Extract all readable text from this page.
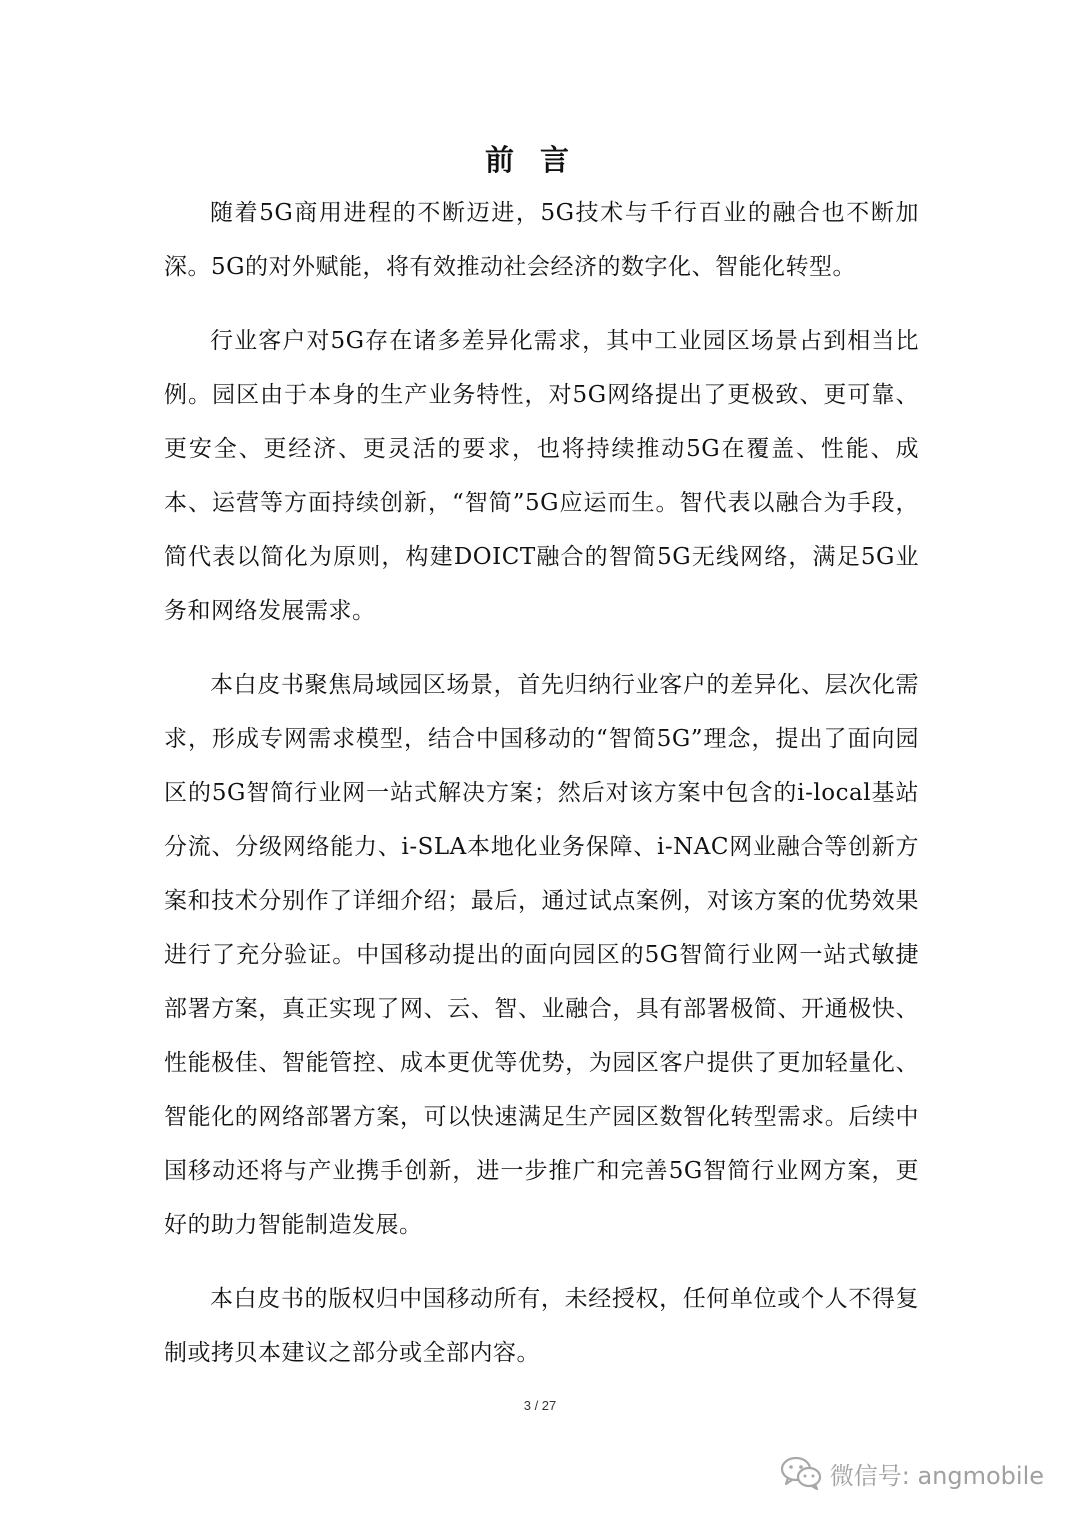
前言

随着5G商用进程的不断迈进，5G技术与千行百业的融合也不断加深。5G的对外赋能，将有效推动社会经济的数字化、智能化转型。

行业客户对5G存在诸多差异化需求，其中工业园区场景占到相当比例。园区由于本身的生产业务特性，对5G网络提出了更极致、更可靠、更安全、更经济、更灵活的要求，也将持续推动5G在覆盖、性能、成本、运营等方面持续创新，“智简”5G应运而生。智代表以融合为手段，简代表以简化为原则，构建DOICT融合的智简5G无线网络，满足5G业务和网络发展需求。

本白皮书聚焦局域园区场景，首先归纳行业客户的差异化、层次化需求，形成专网需求模型，结合中国移动的“智简5G”理念，提出了面向园区的5G智简行业网一站式解决方案；然后对该方案中包含的i-local基站分流、分级网络能力、i-SLA本地化业务保障、i-NAC网业融合等创新方案和技术分别作了详细介绍；最后，通过试点案例，对该方案的优势效果进行了充分验证。中国移动提出的面向园区的5G智简行业网一站式敏捷部署方案，真正实现了网、云、智、业融合，具有部署极简、开通极快、性能极佳、智能管控、成本更优等优势，为园区客户提供了更加轻量化、智能化的网络部署方案，可以快速满足生产园区数智化转型需求。后续中国移动还将与产业携手创新，进一步推广和完善5G智简行业网方案，更好的助力智能制造发展。

本白皮书的版权归中国移动所有，未经授权，任何单位或个人不得复制或拷贝本建议之部分或全部内容。

3 / 27
微信号: angmobile
